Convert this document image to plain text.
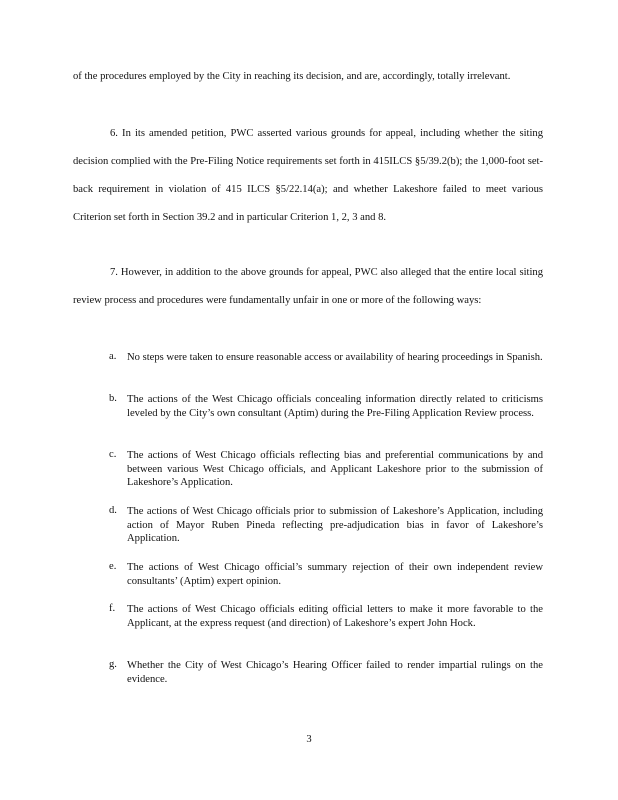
of the procedures employed by the City in reaching its decision, and are, accordingly, totally irrelevant.
6. In its amended petition, PWC asserted various grounds for appeal, including whether the siting decision complied with the Pre-Filing Notice requirements set forth in 415ILCS §5/39.2(b); the 1,000-foot set-back requirement in violation of 415 ILCS §5/22.14(a); and whether Lakeshore failed to meet various Criterion set forth in Section 39.2 and in particular Criterion 1, 2, 3 and 8.
7. However, in addition to the above grounds for appeal, PWC also alleged that the entire local siting review process and procedures were fundamentally unfair in one or more of the following ways:
a. No steps were taken to ensure reasonable access or availability of hearing proceedings in Spanish.
b. The actions of the West Chicago officials concealing information directly related to criticisms leveled by the City’s own consultant (Aptim) during the Pre-Filing Application Review process.
c. The actions of West Chicago officials reflecting bias and preferential communications by and between various West Chicago officials, and Applicant Lakeshore prior to the submission of Lakeshore’s Application.
d. The actions of West Chicago officials prior to submission of Lakeshore’s Application, including action of Mayor Ruben Pineda reflecting pre-adjudication bias in favor of Lakeshore’s Application.
e. The actions of West Chicago official’s summary rejection of their own independent review consultants’ (Aptim) expert opinion.
f. The actions of West Chicago officials editing official letters to make it more favorable to the Applicant, at the express request (and direction) of Lakeshore’s expert John Hock.
g. Whether the City of West Chicago’s Hearing Officer failed to render impartial rulings on the evidence.
3
